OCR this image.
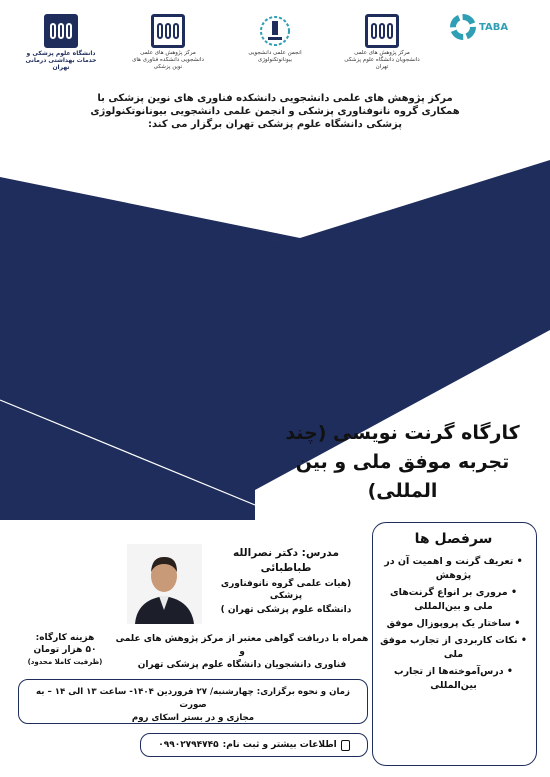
دانشگاه علوم پزشکی و خدمات بهداشتی درمانی تهران
مرکز پژوهش های علمی دانشجویی دانشکده فناوری های نوین پزشکی
انجمن علمی دانشجویی بیونانوتکنولوژی
مرکز پژوهش های علمی دانشجویان دانشگاه علوم پزشکی تهران
TABA
مرکز پژوهش های علمی دانشجویی دانشکده فناوری های نوین پزشکی با
همکاری گروه نانوفناوری پزشکی و انجمن علمی دانشجویی بیونانوتکنولوژی
پزشکی دانشگاه علوم پزشکی تهران برگزار می کند:
کارگاه گرنت نویسی (چند
تجربه موفق ملی و بین
المللی)
مدرس: دکتر نصرالله
طباطبائی
(هیات علمی گروه نانوفناوری پزشکی
دانشگاه علوم پزشکی تهران )
هزینه کارگاه:
۵۰ هزار تومان
(ظرفیت کاملا محدود)
همراه با دریافت گواهی معتبر از مرکز پژوهش های علمی و
فناوری دانشجویان دانشگاه علوم پزشکی تهران
سرفصل ها
• تعریف گرنت و اهمیت آن در پژوهش
• مروری بر انواع گرنت‌های ملی و بین‌المللی
• ساختار یک پروپوزال موفق
• نکات کاربردی از تجارب موفق ملی
• درس‌آموخته‌ها از تجارب بین‌المللی
زمان و نحوه برگزاری: چهارشنبه/ ۲۷ فروردین ۱۴۰۴- ساعت ۱۳ الی ۱۴ – به صورت
مجازی و در بستر اسکای روم
اطلاعات بیشتر و ثبت نام:
۰۹۹۰۲۷۹۴۷۴۵
